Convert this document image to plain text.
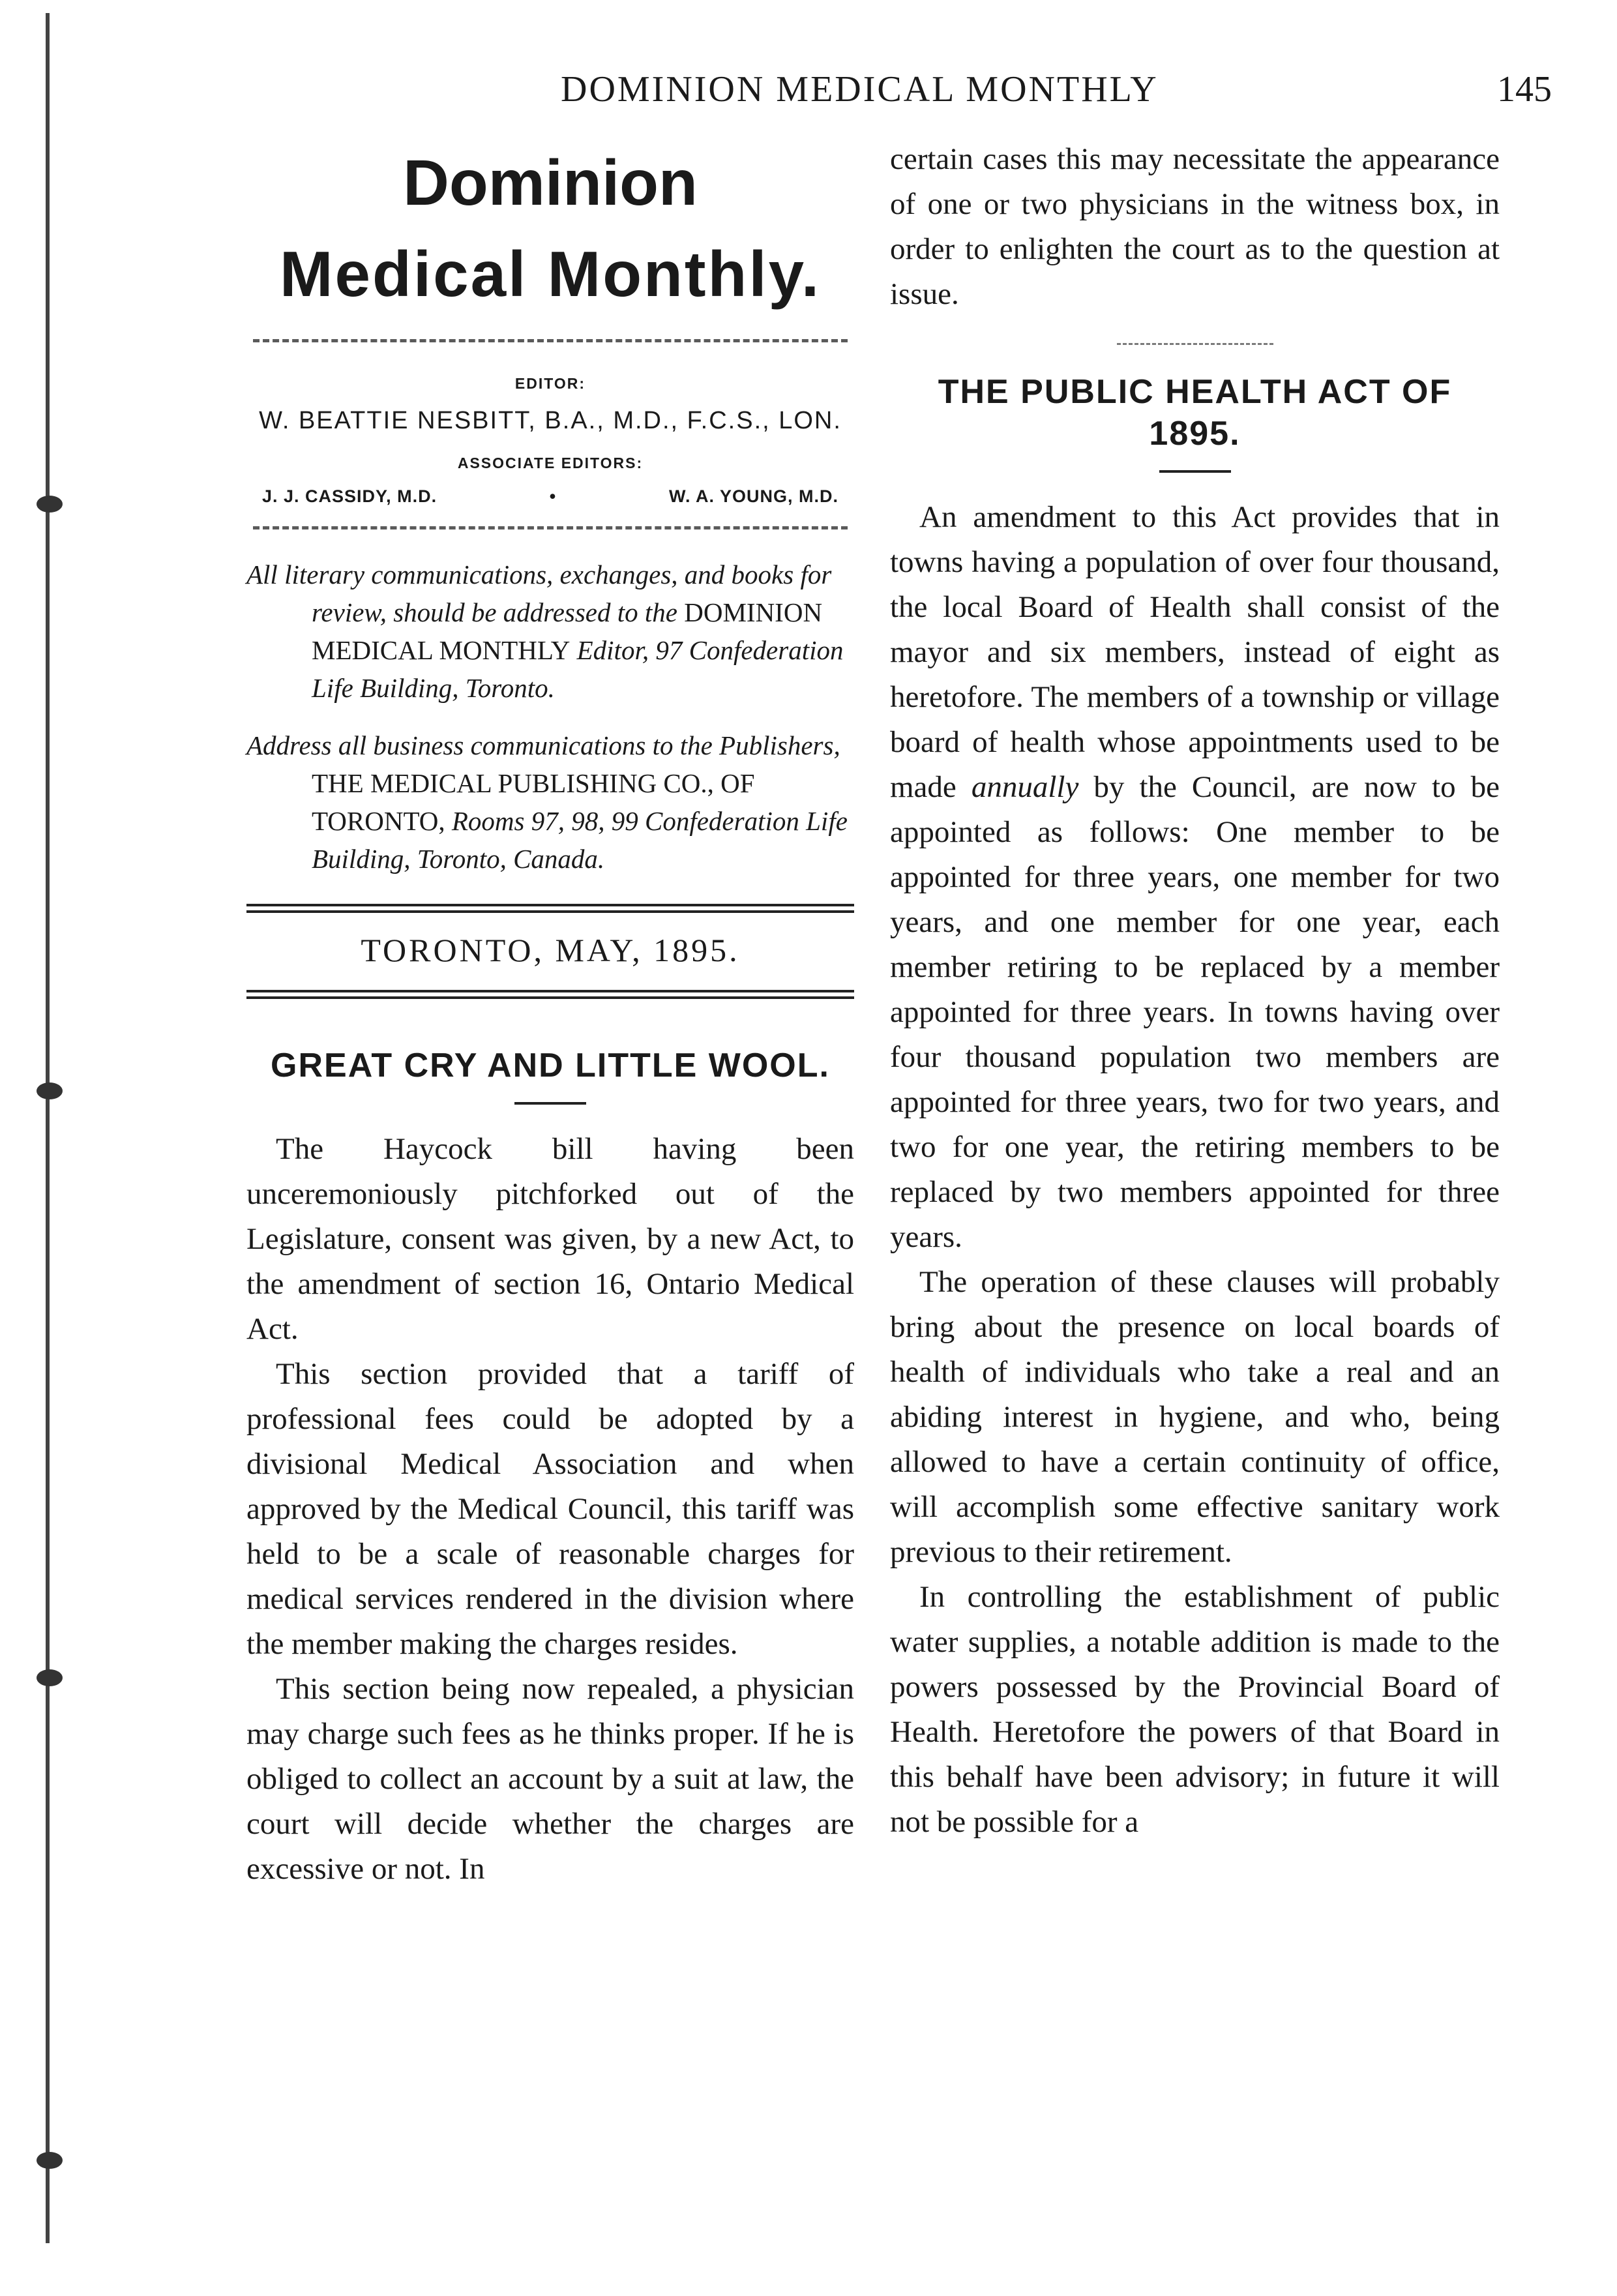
DOMINION MEDICAL MONTHLY	145
Dominion
Medical Monthly.
EDITOR:
W. BEATTIE NESBITT, B.A., M.D., F.C.S., LON.
ASSOCIATE EDITORS:
J. J. CASSIDY, M.D.	•	W. A. YOUNG, M.D.

All literary communications, exchanges, and books for review, should be addressed to the DOMINION MEDICAL MONTHLY Editor, 97 Confederation Life Building, Toronto.

Address all business communications to the Publishers, THE MEDICAL PUBLISHING CO., OF TORONTO, Rooms 97, 98, 99 Confederation Life Building, Toronto, Canada.

TORONTO, MAY, 1895.
GREAT CRY AND LITTLE WOOL.

The Haycock bill having been unceremoniously pitchforked out of the Legislature, consent was given, by a new Act, to the amendment of section 16, Ontario Medical Act.

This section provided that a tariff of professional fees could be adopted by a divisional Medical Association and when approved by the Medical Council, this tariff was held to be a scale of reasonable charges for medical services rendered in the division where the member making the charges resides.

This section being now repealed, a physician may charge such fees as he thinks proper. If he is obliged to collect an account by a suit at law, the court will decide whether the charges are excessive or not. In

certain cases this may necessitate the appearance of one or two physicians in the witness box, in order to enlighten the court as to the question at issue.

THE PUBLIC HEALTH ACT OF 1895.

An amendment to this Act provides that in towns having a population of over four thousand, the local Board of Health shall consist of the mayor and six members, instead of eight as heretofore. The members of a township or village board of health whose appointments used to be made annually by the Council, are now to be appointed as follows: One member to be appointed for three years, one member for two years, and one member for one year, each member retiring to be replaced by a member appointed for three years. In towns having over four thousand population two members are appointed for three years, two for two years, and two for one year, the retiring members to be replaced by two members appointed for three years.

The operation of these clauses will probably bring about the presence on local boards of health of individuals who take a real and an abiding interest in hygiene, and who, being allowed to have a certain continuity of office, will accomplish some effective sanitary work previous to their retirement.

In controlling the establishment of public water supplies, a notable addition is made to the powers possessed by the Provincial Board of Health. Heretofore the powers of that Board in this behalf have been advisory; in future it will not be possible for a
